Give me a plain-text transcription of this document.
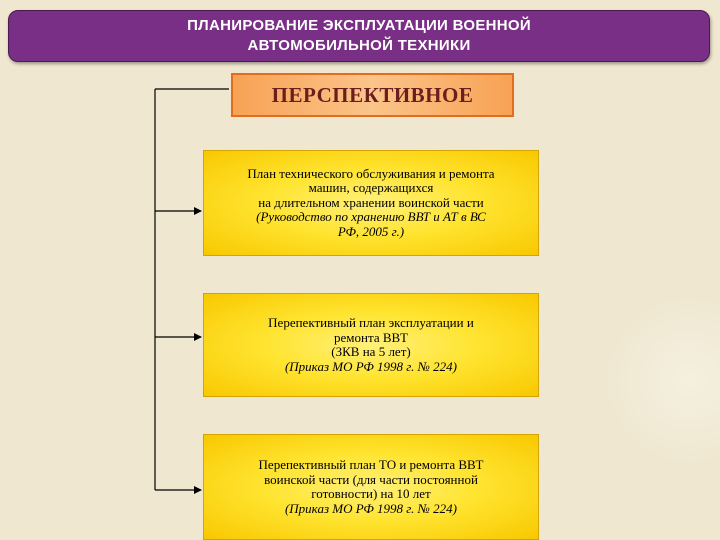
ПЛАНИРОВАНИЕ ЭКСПЛУАТАЦИИ ВОЕННОЙ
АВТОМОБИЛЬНОЙ ТЕХНИКИ
ПЕРСПЕКТИВНОЕ
План технического обслуживания и ремонта
машин, содержащихся
на длительном хранении воинской части
(Руководство по хранению ВВТ и АТ в ВС
РФ, 2005 г.)
Перепективный план эксплуатации и
ремонта ВВТ
(ЗКВ на 5 лет)
(Приказ МО РФ 1998 г. № 224)
Перепективный план ТО и ремонта ВВТ
воинской части (для части постоянной
готовности) на 10 лет
(Приказ МО РФ 1998 г. № 224)
